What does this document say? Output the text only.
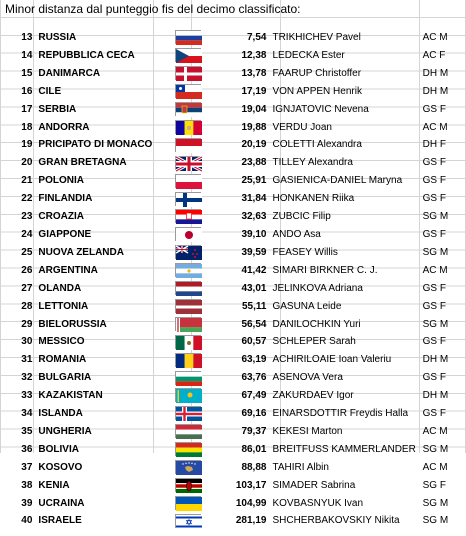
Minor distanza dal punteggio fis del decimo classificato:
13	RUSSIA		7,54	TRIKHICHEV Pavel	AC M
14	REPUBBLICA CECA		12,38	LEDECKA Ester	AC F
15	DANIMARCA		13,78	FAARUP Christoffer	DH M
16	CILE		17,19	VON APPEN Henrik	DH M
17	SERBIA		19,04	IGNJATOVIC Nevena	GS F
18	ANDORRA		19,88	VERDU Joan	AC M
19	PRICIPATO DI MONACO		20,19	COLETTI Alexandra	DH F
20	GRAN BRETAGNA		23,88	TILLEY Alexandra	GS F
21	POLONIA		25,91	GASIENICA-DANIEL Maryna	GS F
22	FINLANDIA		31,84	HONKANEN Riika	GS F
23	CROAZIA		32,63	ZUBCIC Filip	SG M
24	GIAPPONE		39,10	ANDO Asa	GS F
25	NUOVA ZELANDA		39,59	FEASEY Willis	SG M
26	ARGENTINA		41,42	SIMARI BIRKNER C. J.	AC M
27	OLANDA		43,01	JELINKOVA Adriana	GS F
28	LETTONIA		55,11	GASUNA Leide	GS F
29	BIELORUSSIA		56,54	DANILOCHKIN Yuri	SG M
30	MESSICO		60,57	SCHLEPER Sarah	GS F
31	ROMANIA		63,19	ACHIRILOAIE Ioan Valeriu	DH M
32	BULGARIA		63,76	ASENOVA Vera	GS F
33	KAZAKISTAN		67,49	ZAKURDAEV Igor	DH M
34	ISLANDA		69,16	EINARSDOTTIR Freydis Halla	GS F
35	UNGHERIA		79,37	KEKESI Marton	AC M
36	BOLIVIA		86,01	BREITFUSS KAMMERLANDER	SG M
37	KOSOVO		88,88	TAHIRI Albin	AC M
38	KENIA		103,17	SIMADER Sabrina	SG F
39	UCRAINA		104,99	KOVBASNYUK Ivan	SG M
40	ISRAELE		281,19	SHCHERBAKOVSKIY Nikita	SG M
